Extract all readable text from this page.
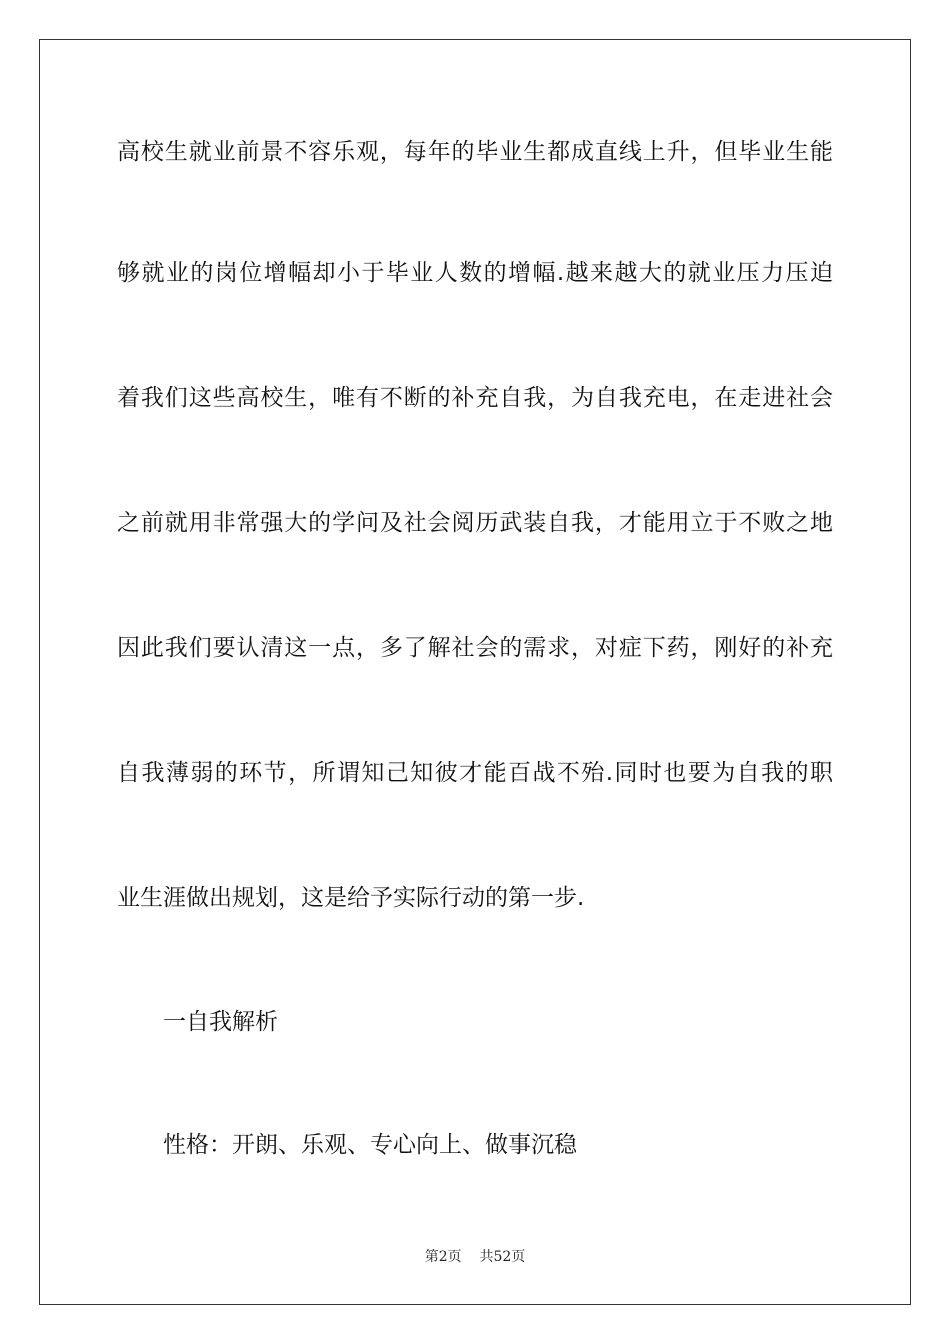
高校生就业前景不容乐观，每年的毕业生都成直线上升，但毕业生能
够就业的岗位增幅却小于毕业人数的增幅.越来越大的就业压力压迫
着我们这些高校生，唯有不断的补充自我，为自我充电，在走进社会
之前就用非常强大的学问及社会阅历武装自我，才能用立于不败之地
因此我们要认清这一点，多了解社会的需求，对症下药，刚好的补充
自我薄弱的环节，所谓知己知彼才能百战不殆.同时也要为自我的职
业生涯做出规划，这是给予实际行动的第一步.
一自我解析
性格：开朗、乐观、专心向上、做事沉稳
第2页 共52页
